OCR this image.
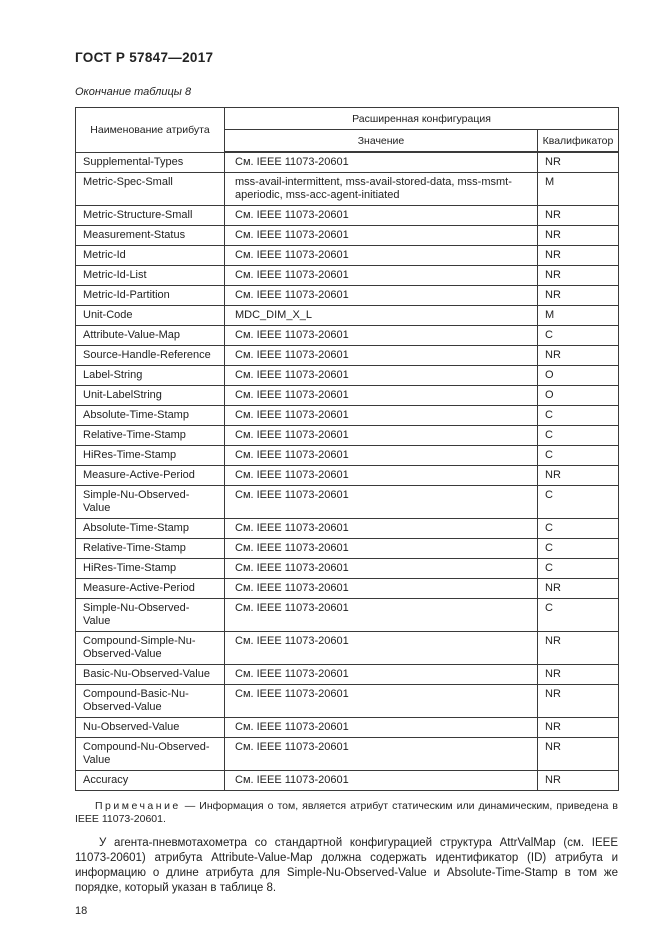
ГОСТ Р 57847—2017
Окончание таблицы 8
Наименование атрибута	Расширенная конфигурация	
	Значение	Квалификатор
Supplemental-Types	См. IEEE 11073-20601	NR
Metric-Spec-Small	mss-avail-intermittent, mss-avail-stored-data, mss-msmt-aperiodic, mss-acc-agent-initiated	M
Metric-Structure-Small	См. IEEE 11073-20601	NR
Measurement-Status	См. IEEE 11073-20601	NR
Metric-Id	См. IEEE 11073-20601	NR
Metric-Id-List	См. IEEE 11073-20601	NR
Metric-Id-Partition	См. IEEE 11073-20601	NR
Unit-Code	MDC_DIM_X_L	M
Attribute-Value-Map	См. IEEE 11073-20601	C
Source-Handle-Reference	См. IEEE 11073-20601	NR
Label-String	См. IEEE 11073-20601	O
Unit-LabelString	См. IEEE 11073-20601	O
Absolute-Time-Stamp	См. IEEE 11073-20601	C
Relative-Time-Stamp	См. IEEE 11073-20601	C
HiRes-Time-Stamp	См. IEEE 11073-20601	C
Measure-Active-Period	См. IEEE 11073-20601	NR
Simple-Nu-Observed-Value	См. IEEE 11073-20601	C
Absolute-Time-Stamp	См. IEEE 11073-20601	C
Relative-Time-Stamp	См. IEEE 11073-20601	C
HiRes-Time-Stamp	См. IEEE 11073-20601	C
Measure-Active-Period	См. IEEE 11073-20601	NR
Simple-Nu-Observed-Value	См. IEEE 11073-20601	C
Compound-Simple-Nu-Observed-Value	См. IEEE 11073-20601	NR
Basic-Nu-Observed-Value	См. IEEE 11073-20601	NR
Compound-Basic-Nu-Observed-Value	См. IEEE 11073-20601	NR
Nu-Observed-Value	См. IEEE 11073-20601	NR
Compound-Nu-Observed-Value	См. IEEE 11073-20601	NR
Accuracy	См. IEEE 11073-20601	NR

Примечание — Информация о том, является атрибут статическим или динамическим, приведена в IEEE 11073-20601.

У агента-пневмотахометра со стандартной конфигурацией структура AttrValMap (см. IEEE 11073-20601) атрибута Attribute-Value-Map должна содержать идентификатор (ID) атрибута и информацию о длине атрибута для Simple-Nu-Observed-Value и Absolute-Time-Stamp в том же порядке, который указан в таблице 8.

18
